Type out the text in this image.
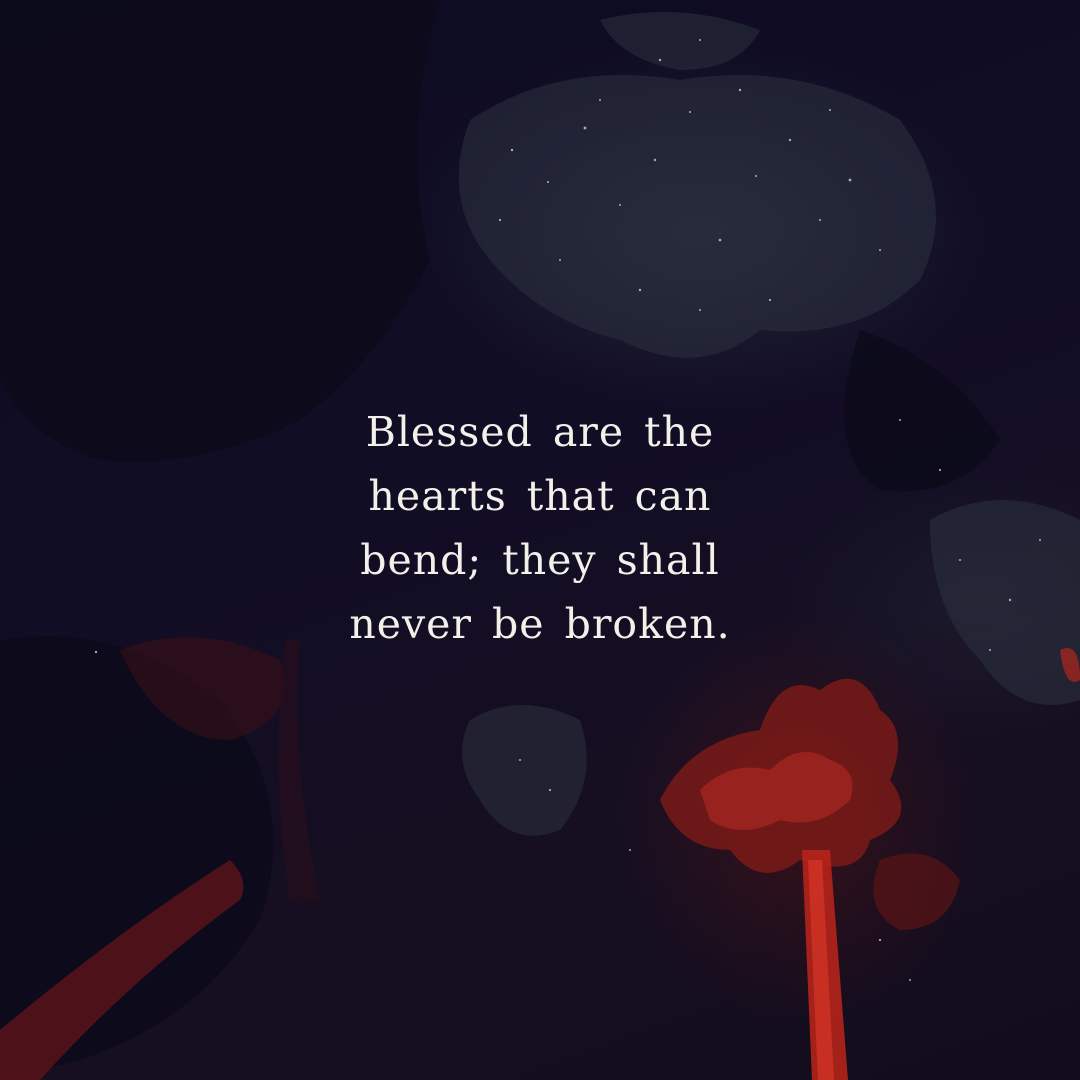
Blessed are the
hearts that can
bend; they shall
never be broken.
